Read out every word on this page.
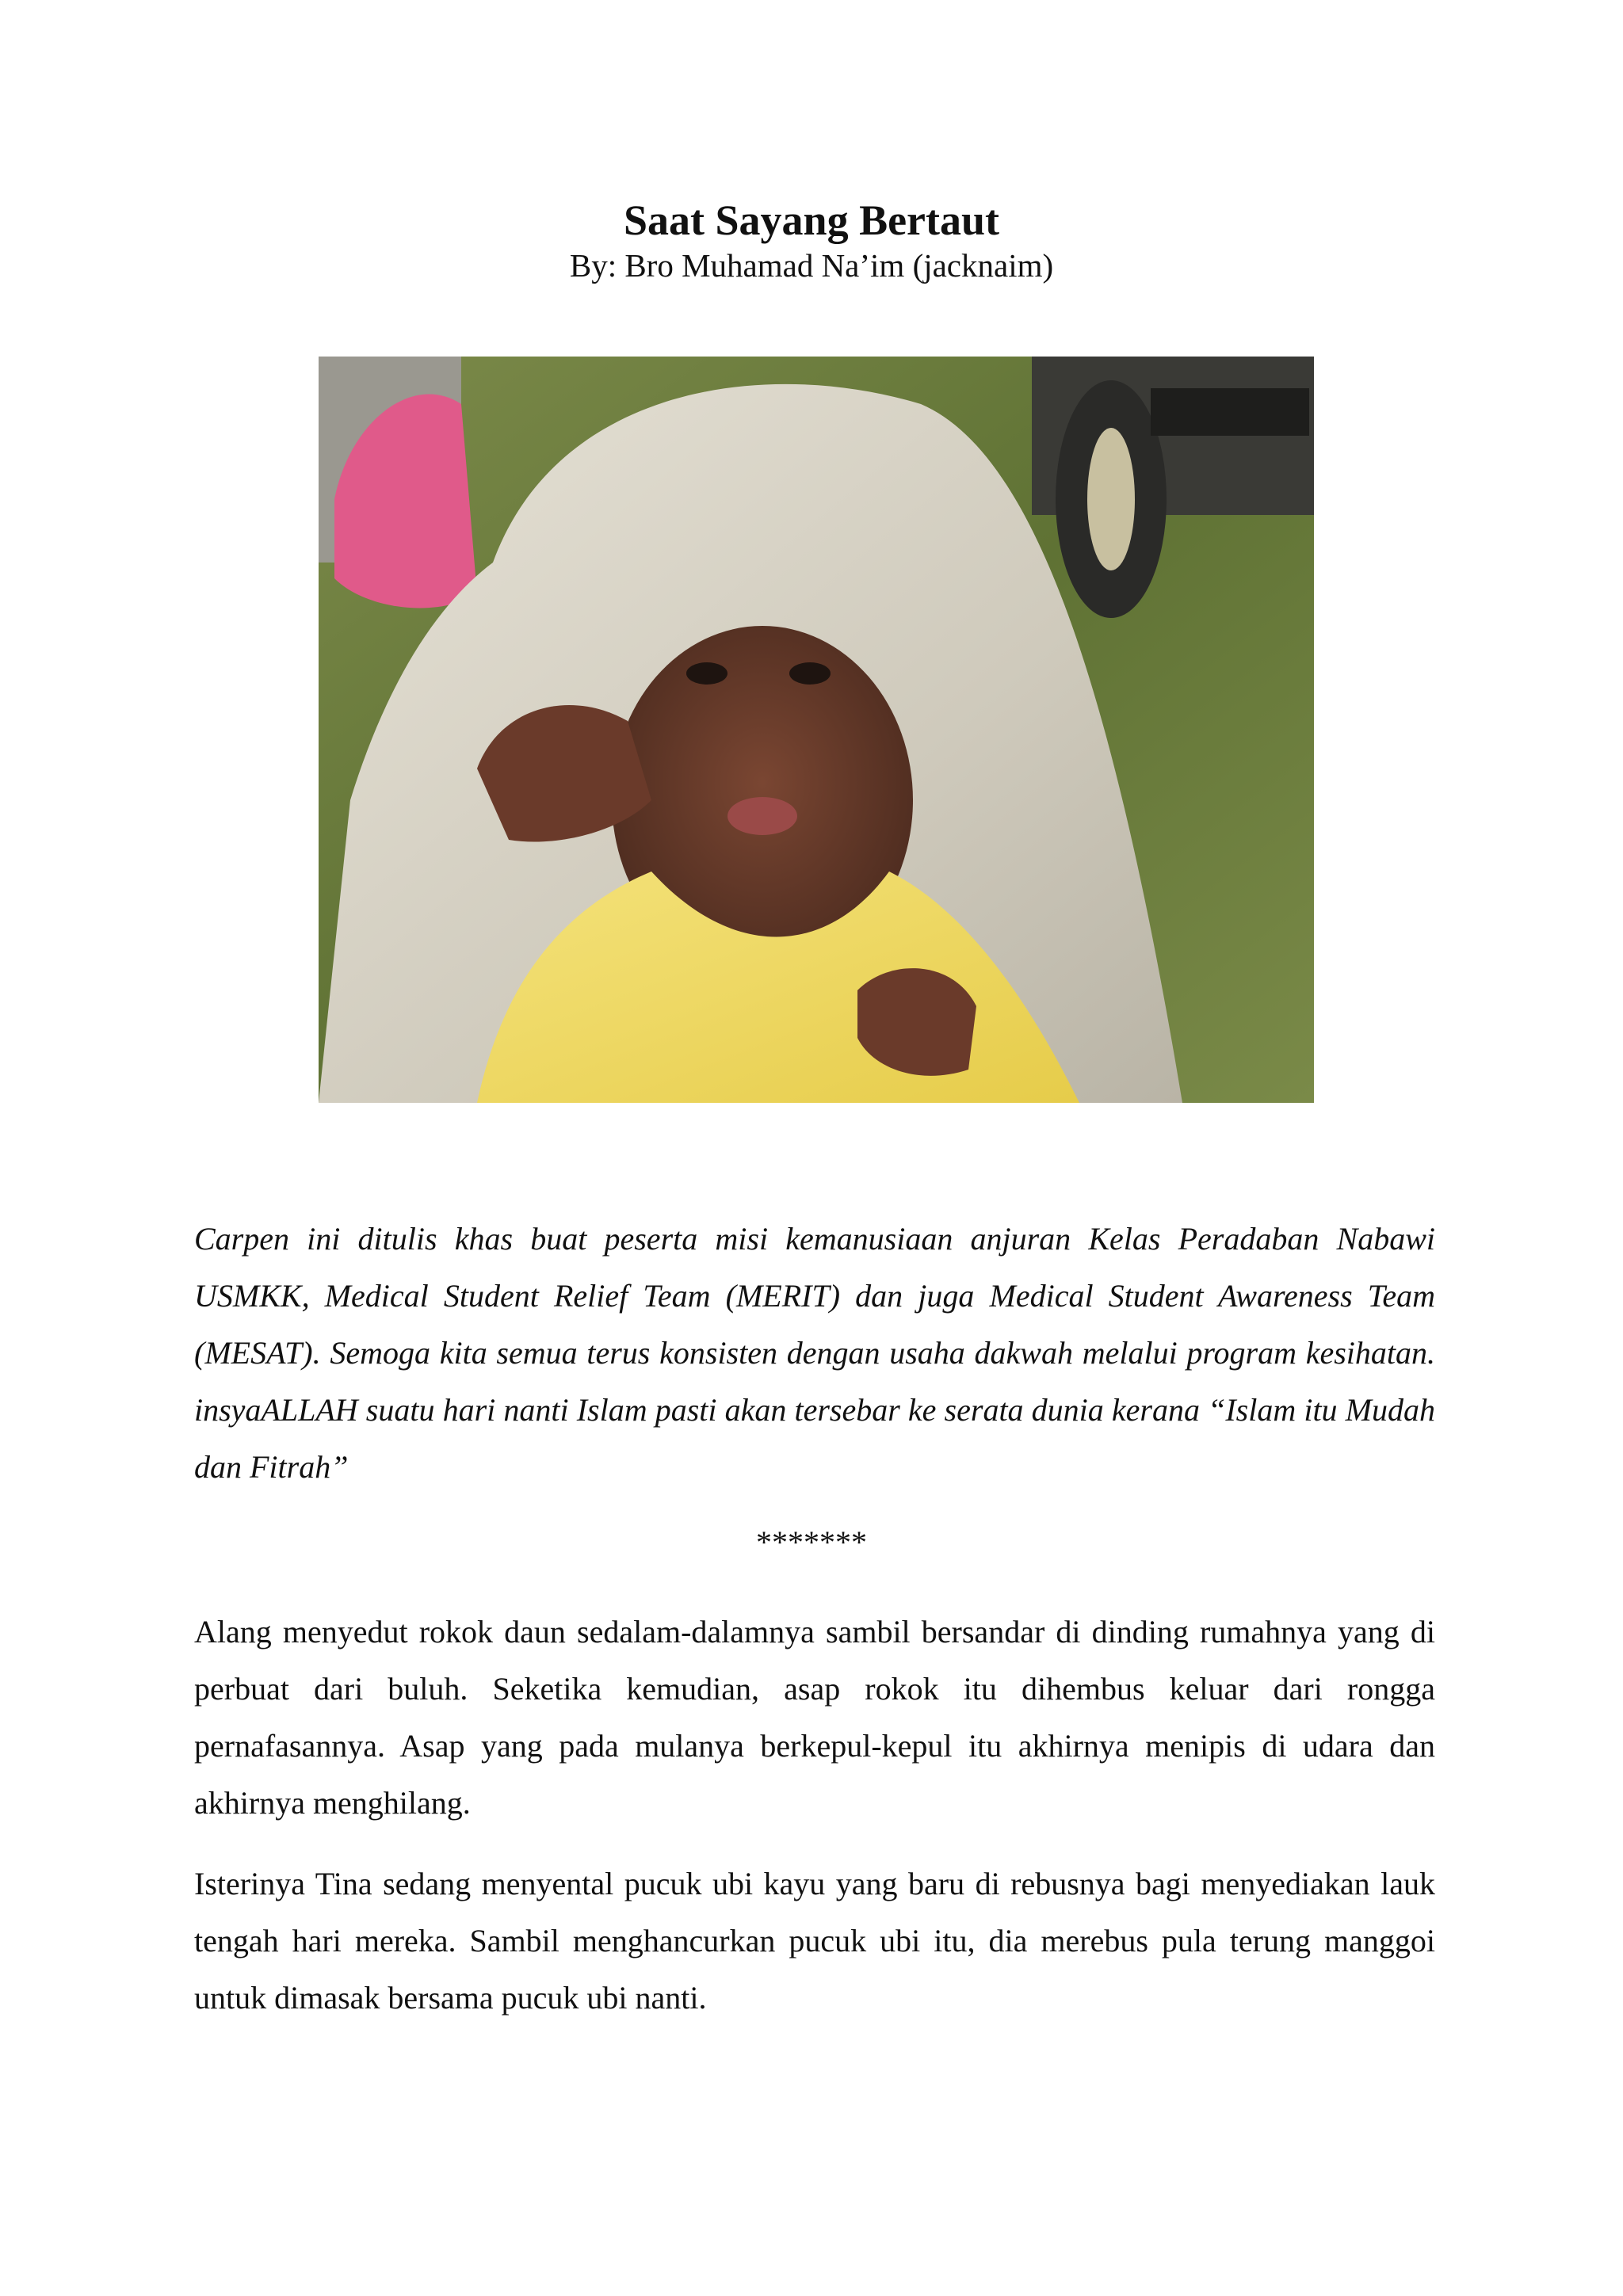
Saat Sayang Bertaut
By: Bro Muhamad Na’im (jacknaim)

Carpen ini ditulis khas buat peserta misi kemanusiaan anjuran Kelas Peradaban Nabawi USMKK, Medical Student Relief Team (MERIT) dan juga Medical Student Awareness Team (MESAT). Semoga kita semua terus konsisten dengan usaha dakwah melalui program kesihatan. insyaALLAH suatu hari nanti Islam pasti akan tersebar ke serata dunia kerana “Islam itu Mudah dan Fitrah”

*******

Alang menyedut rokok daun sedalam-dalamnya sambil bersandar di dinding rumahnya yang di perbuat dari buluh. Seketika kemudian, asap rokok itu dihembus keluar dari rongga pernafasannya. Asap yang pada mulanya berkepul-kepul itu akhirnya menipis di udara dan akhirnya menghilang.

Isterinya Tina sedang menyental pucuk ubi kayu yang baru di rebusnya bagi menyediakan lauk tengah hari mereka. Sambil menghancurkan pucuk ubi itu, dia merebus pula terung manggoi untuk dimasak bersama pucuk ubi nanti.
